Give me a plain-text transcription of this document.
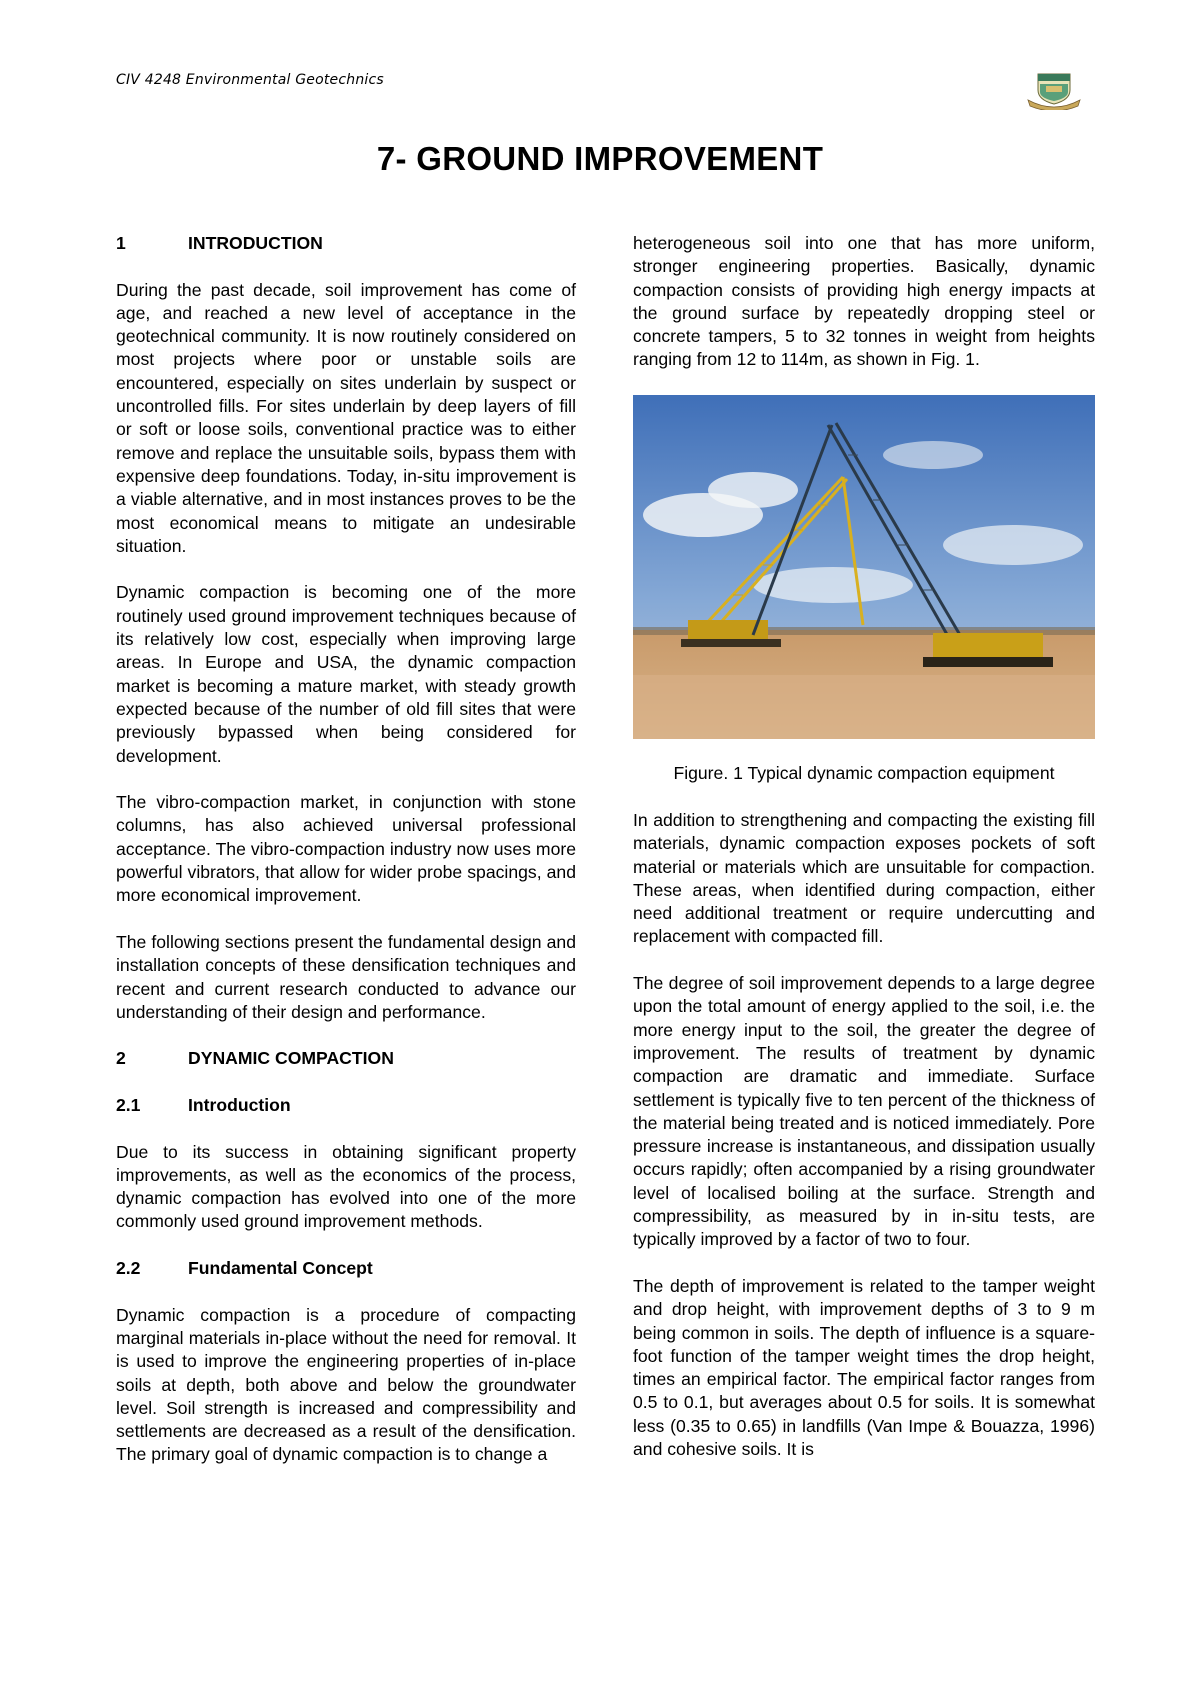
CIV 4248 Environmental Geotechnics
7- GROUND IMPROVEMENT
1	INTRODUCTION

During the past decade, soil improvement has come of age, and reached a new level of acceptance in the geotechnical community. It is now routinely considered on most projects where poor or unstable soils are encountered, especially on sites underlain by suspect or uncontrolled fills. For sites underlain by deep layers of fill or soft or loose soils, conventional practice was to either remove and replace the unsuitable soils, bypass them with expensive deep foundations. Today, in-situ improvement is a viable alternative, and in most instances proves to be the most economical means to mitigate an undesirable situation.

Dynamic compaction is becoming one of the more routinely used ground improvement techniques because of its relatively low cost, especially when improving large areas. In Europe and USA, the dynamic compaction market is becoming a mature market, with steady growth expected because of the number of old fill sites that were previously bypassed when being considered for development.

The vibro-compaction market, in conjunction with stone columns, has also achieved universal professional acceptance. The vibro-compaction industry now uses more powerful vibrators, that allow for wider probe spacings, and more economical improvement.

The following sections present the fundamental design and installation concepts of these densification techniques and recent and current research conducted to advance our understanding of their design and performance.

2	DYNAMIC COMPACTION
2.1	Introduction

Due to its success in obtaining significant property improvements, as well as the economics of the process, dynamic compaction has evolved into one of the more commonly used ground improvement methods.

2.2	Fundamental Concept

Dynamic compaction is a procedure of compacting marginal materials in-place without the need for removal. It is used to improve the engineering properties of in-place soils at depth, both above and below the groundwater level. Soil strength is increased and compressibility and settlements are decreased as a result of the densification. The primary goal of dynamic compaction is to change a

heterogeneous soil into one that has more uniform, stronger engineering properties. Basically, dynamic compaction consists of providing high energy impacts at the ground surface by repeatedly dropping steel or concrete tampers, 5 to 32 tonnes in weight from heights ranging from 12 to 114m, as shown in Fig. 1.

Figure. 1 Typical dynamic compaction equipment

In addition to strengthening and compacting the existing fill materials, dynamic compaction exposes pockets of soft material or materials which are unsuitable for compaction. These areas, when identified during compaction, either need additional treatment or require undercutting and replacement with compacted fill.

The degree of soil improvement depends to a large degree upon the total amount of energy applied to the soil, i.e. the more energy input to the soil, the greater the degree of improvement. The results of treatment by dynamic compaction are dramatic and immediate. Surface settlement is typically five to ten percent of the thickness of the material being treated and is noticed immediately. Pore pressure increase is instantaneous, and dissipation usually occurs rapidly; often accompanied by a rising groundwater level of localised boiling at the surface. Strength and compressibility, as measured by in in-situ tests, are typically improved by a factor of two to four.

The depth of improvement is related to the tamper weight and drop height, with improvement depths of 3 to 9 m being common in soils. The depth of influence is a square-foot function of the tamper weight times the drop height, times an empirical factor. The empirical factor ranges from 0.5 to 0.1, but averages about 0.5 for soils. It is somewhat less (0.35 to 0.65) in landfills (Van Impe & Bouazza, 1996) and cohesive soils. It is
